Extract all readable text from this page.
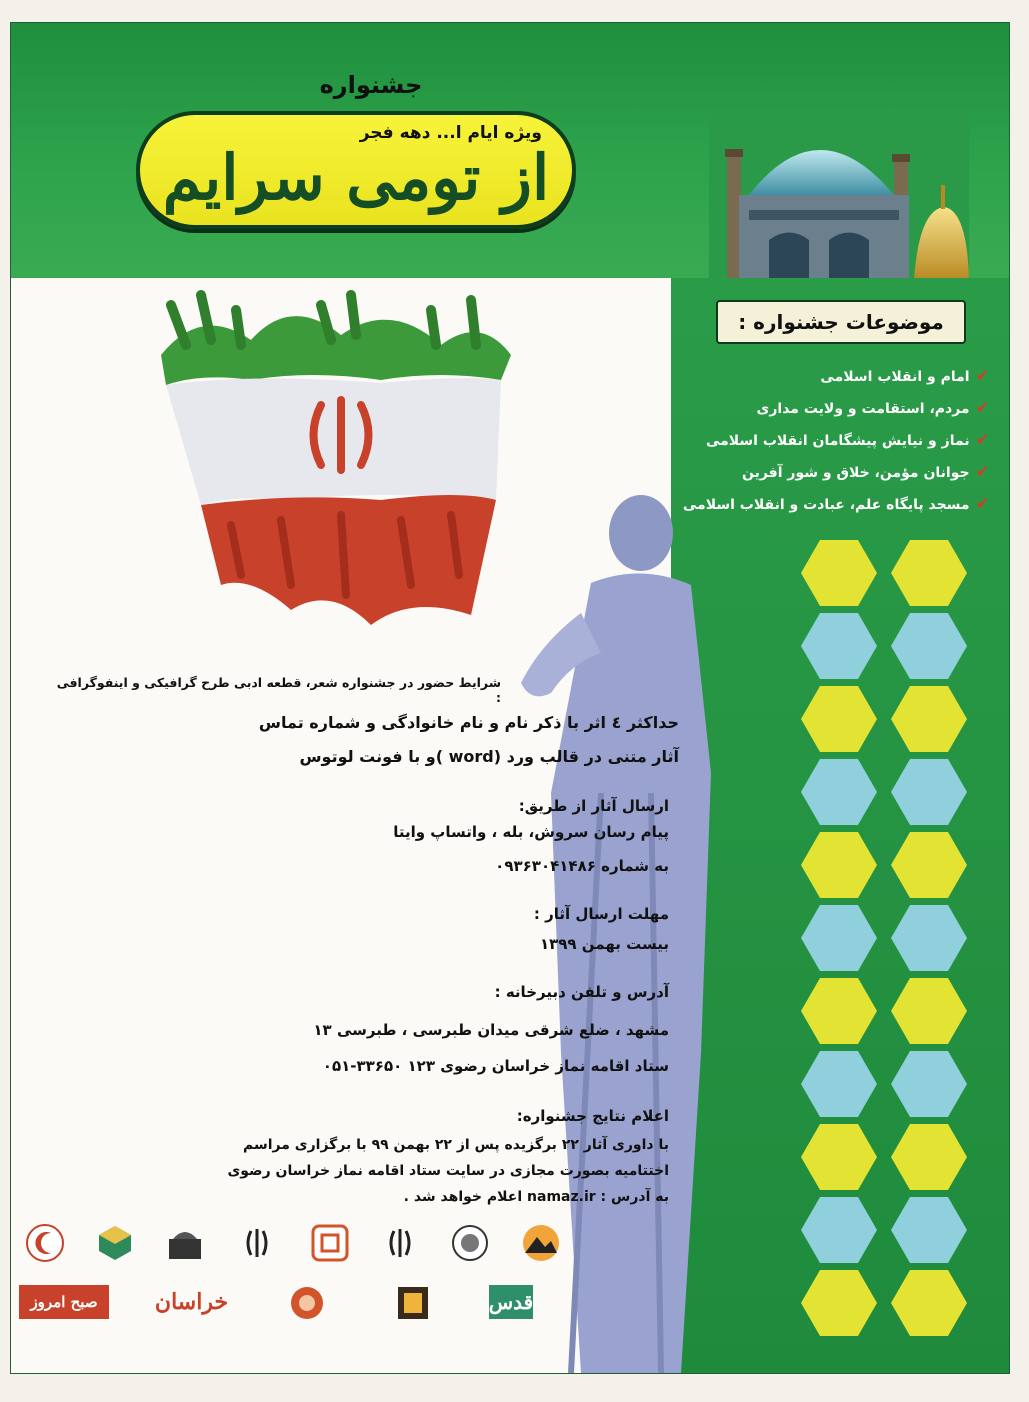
جشنواره
ویژه ایام ا... دهه فجر
از تومی سرایم
موضوعات جشنواره :
✔امام و انقلاب اسلامی
✔مردم، استقامت و ولایت مداری
✔نماز و نیایش پیشگامان انقلاب اسلامی
✔جوانان مؤمن، خلاق و شور آفرین
✔مسجد پایگاه علم، عبادت و انقلاب اسلامی
شرایط حضور در جشنواره شعر، قطعه ادبی طرح گرافیکی و اینفوگرافی :
حداکثر ٤ اثر با ذکر نام و نام خانوادگی و شماره تماس
آثار متنی در قالب ورد (word )و با فونت لوتوس
ارسال آثار از طریق:
پیام رسان سروش، بله ، واتساپ وایتا
به شماره ۰۹۳۶۳۰۴۱۴۸۶
مهلت ارسال آثار :
بیست بهمن ۱۳۹۹
آدرس و تلفن دبیرخانه :
مشهد ، ضلع شرقی میدان طبرسی ، طبرسی ۱۳
ستاد اقامه نماز خراسان رضوی ۱۲۳ ۳۳۶۵۰-۰۵۱
اعلام نتایج جشنواره:
با داوری آثار ۲۲ برگزیده پس از ۲۲ بهمن ۹۹ با برگزاری مراسم
اختتامیه بصورت مجازی در سایت ستاد اقامه نماز خراسان رضوی
به آدرس : namaz.ir اعلام خواهد شد .
صبح امروز	خراسان	قدس
